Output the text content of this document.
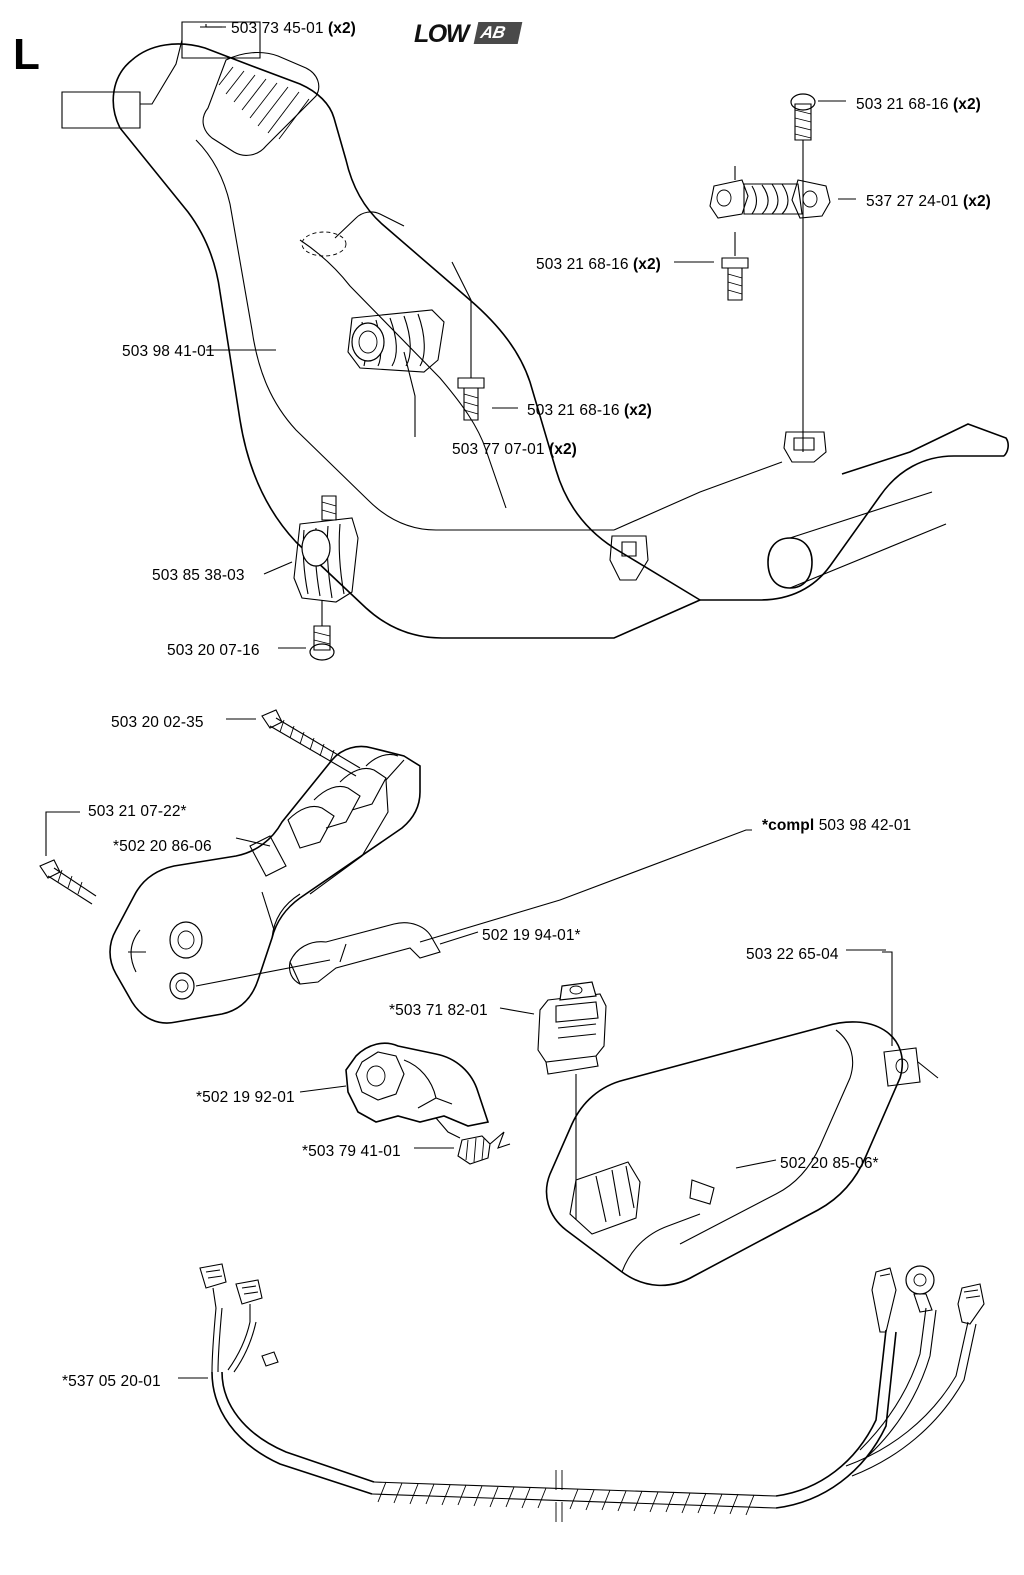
L	LOW AB
503 73 45-01 (x2)
503 21 68-16 (x2)
537 27 24-01 (x2)
503 21 68-16 (x2)
503 98 41-01
503 21 68-16 (x2)
503 77 07-01 (x2)
503 85 38-03
503 20 07-16
503 20 02-35
503 21 07-22*
*502 20 86-06
*compl 503 98 42-01
502 19 94-01*
503 22 65-04
*503 71 82-01
*502 19 92-01
*503 79 41-01
502 20 85-06*
*537 05 20-01
